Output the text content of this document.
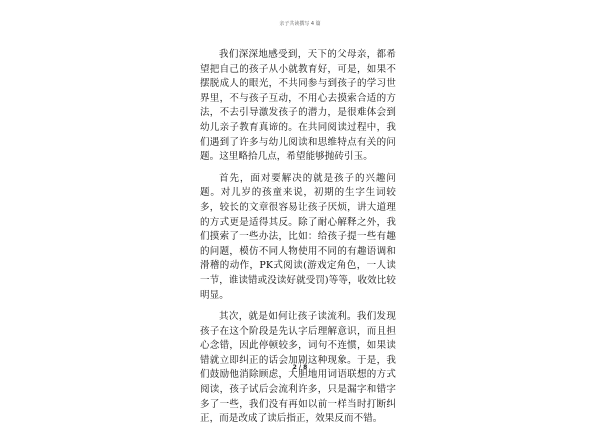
亲子共读撰写 4 篇

我们深深地感受到，天下的父母亲，都希望把自己的孩子从小就教育好，可是，如果不摆脱成人的眼光，不共同参与到孩子的学习世界里，不与孩子互动，不用心去摸索合适的方法，不去引导激发孩子的潜力，是很难体会到幼儿亲子教育真谛的。在共同阅读过程中，我们遇到了许多与幼儿阅读和思维特点有关的问题。这里略拾几点，希望能够抛砖引玉。

首先，面对要解决的就是孩子的兴趣问题。对儿岁的孩童来说，初期的生字生词较多，较长的文章很容易让孩子厌烦，讲大道理的方式更是适得其反。除了耐心解释之外，我们摸索了一些办法，比如：给孩子提一些有趣的问题，模仿不同人物使用不同的有趣语调和滑稽的动作，PK式阅读(游戏定角色，一人读一节，谁读错或没读好就受罚)等等，收效比较明显。

其次，就是如何让孩子读流利。我们发现孩子在这个阶段是先认字后理解意识，而且担心念错，因此停顿较多，词句不连惯，如果读错就立即纠正的话会加剧这种现象。于是，我们鼓励他消除顾虑，大胆地用词语联想的方式阅读，孩子试后会流利许多，只是漏字和错字多了一些，我们没有再如以前一样当时打断纠正，而是改成了读后指正，效果反而不错。

2 / 8
